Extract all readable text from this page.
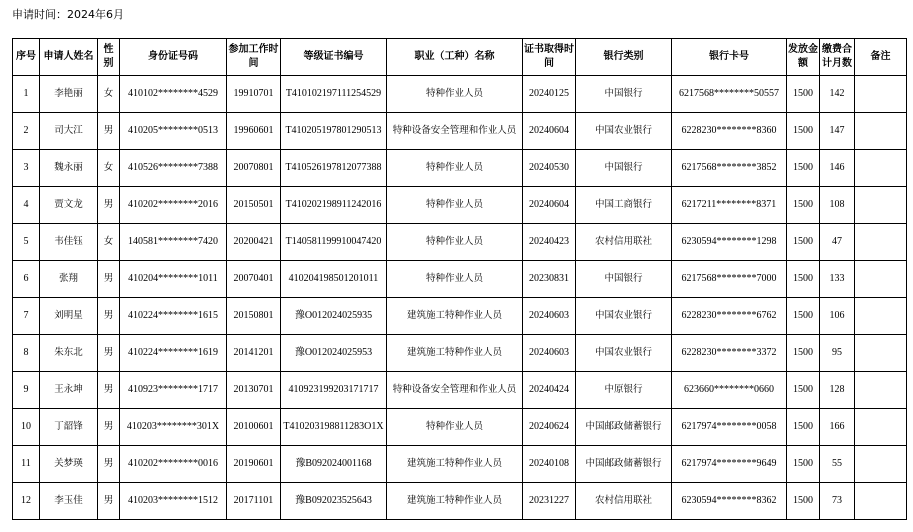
申请时间：2024年6月
序号	申请人姓名	性别	身份证号码	参加工作时间	等级证书编号	职业（工种）名称	证书取得时间	银行类别	银行卡号	发放金额	缴费合计月数	备注
1	李艳丽	女	410102********4529	19910701	T410102197111254529	特种作业人员	20240125	中国银行	6217568********50557	1500	142	
2	司大江	男	410205********0513	19960601	T410205197801290513	特种设备安全管理和作业人员	20240604	中国农业银行	6228230********8360	1500	147	
3	魏永丽	女	410526********7388	20070801	T410526197812077388	特种作业人员	20240530	中国银行	6217568********3852	1500	146	
4	贾文龙	男	410202********2016	20150501	T410202198911242016	特种作业人员	20240604	中国工商银行	6217211********8371	1500	108	
5	韦佳钰	女	140581********7420	20200421	T140581199910047420	特种作业人员	20240423	农村信用联社	6230594********1298	1500	47	
6	张翔	男	410204********1011	20070401	410204198501201011	特种作业人员	20230831	中国银行	6217568********7000	1500	133	
7	刘明星	男	410224********1615	20150801	豫O012024025935	建筑施工特种作业人员	20240603	中国农业银行	6228230********6762	1500	106	
8	朱东北	男	410224********1619	20141201	豫O012024025953	建筑施工特种作业人员	20240603	中国农业银行	6228230********3372	1500	95	
9	王永坤	男	410923********1717	20130701	410923199203171717	特种设备安全管理和作业人员	20240424	中原银行	623660********0660	1500	128	
10	丁韶锋	男	410203********301X	20100601	T410203198811283O1X	特种作业人员	20240624	中国邮政储蓄银行	6217974********0058	1500	166	
11	关梦瑛	男	410202********0016	20190601	豫B092024001168	建筑施工特种作业人员	20240108	中国邮政储蓄银行	6217974********9649	1500	55	
12	李玉佳	男	410203********1512	20171101	豫B092023525643	建筑施工特种作业人员	20231227	农村信用联社	6230594********8362	1500	73	
